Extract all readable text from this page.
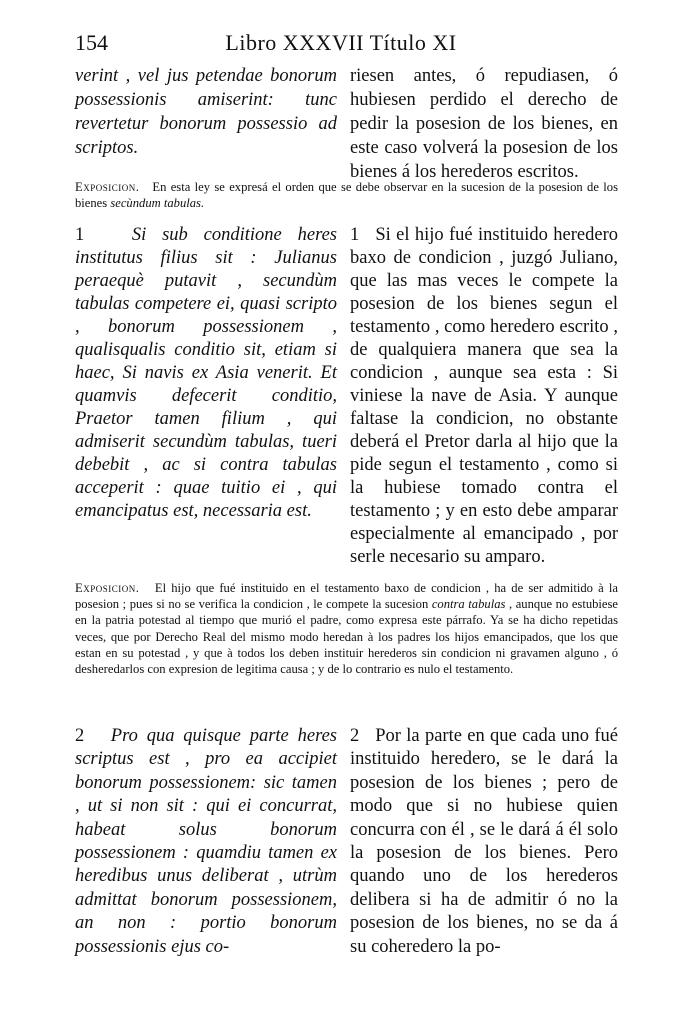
154	Libro XXXVII Título XI

verint , vel jus petendae bonorum possessionis amiserint: tunc revertetur bonorum possessio ad scriptos.

riesen antes, ó repudiasen, ó hubiesen perdido el derecho de pedir la posesion de los bienes, en este caso volverá la posesion de los bienes á los herederos escritos.

Exposicion. En esta ley se expresá el orden que se debe observar en la sucesion de la posesion de los bienes secùndum tabulas.

1	Si sub conditione heres institutus filius sit : Julianus peraequè putavit , secundùm tabulas competere ei, quasi scripto , bonorum possessionem , qualisqualis conditio sit, etiam si haec, Si navis ex Asia venerit. Et quamvis defecerit conditio, Praetor tamen filium , qui admiserit secundùm tabulas, tueri debebit , ac si contra tabulas acceperit : quae tuitio ei , qui emancipatus est, necessaria est.

1 Si el hijo fué instituido heredero baxo de condicion , juzgó Juliano, que las mas veces le compete la posesion de los bienes segun el testamento , como heredero escrito , de qualquiera manera que sea la condicion , aunque sea esta : Si viniese la nave de Asia. Y aunque faltase la condicion, no obstante deberá el Pretor darla al hijo que la pide segun el testamento , como si la hubiese tomado contra el testamento ; y en esto debe amparar especialmente al emancipado , por serle necesario su amparo.

Exposicion. El hijo que fué instituido en el testamento baxo de condicion , ha de ser admitido à la posesion ; pues si no se verifica la condicion , le compete la sucesion contra tabulas , aunque no estubiese en la patria potestad al tiempo que murió el padre, como expresa este párrafo. Ya se ha dicho repetidas veces, que por Derecho Real del mismo modo heredan à los padres los hijos emancipados, que los que estan en su potestad , y que à todos los deben instituir herederos sin condicion ni gravamen alguno , ó desheredarlos con expresion de legitima causa ; y de lo contrario es nulo el testamento.

2 Pro qua quisque parte heres scriptus est , pro ea accipiet bonorum possessionem: sic tamen , ut si non sit : qui ei concurrat, habeat solus bonorum possessionem : quamdiu tamen ex heredibus unus deliberat , utrùm admittat bonorum possessionem, an non : portio bonorum possessionis ejus co-

2 Por la parte en que cada uno fué instituido heredero, se le dará la posesion de los bienes ; pero de modo que si no hubiese quien concurra con él , se le dará á él solo la posesion de los bienes. Pero quando uno de los herederos delibera si ha de admitir ó no la posesion de los bienes, no se da á su coheredero la po-
